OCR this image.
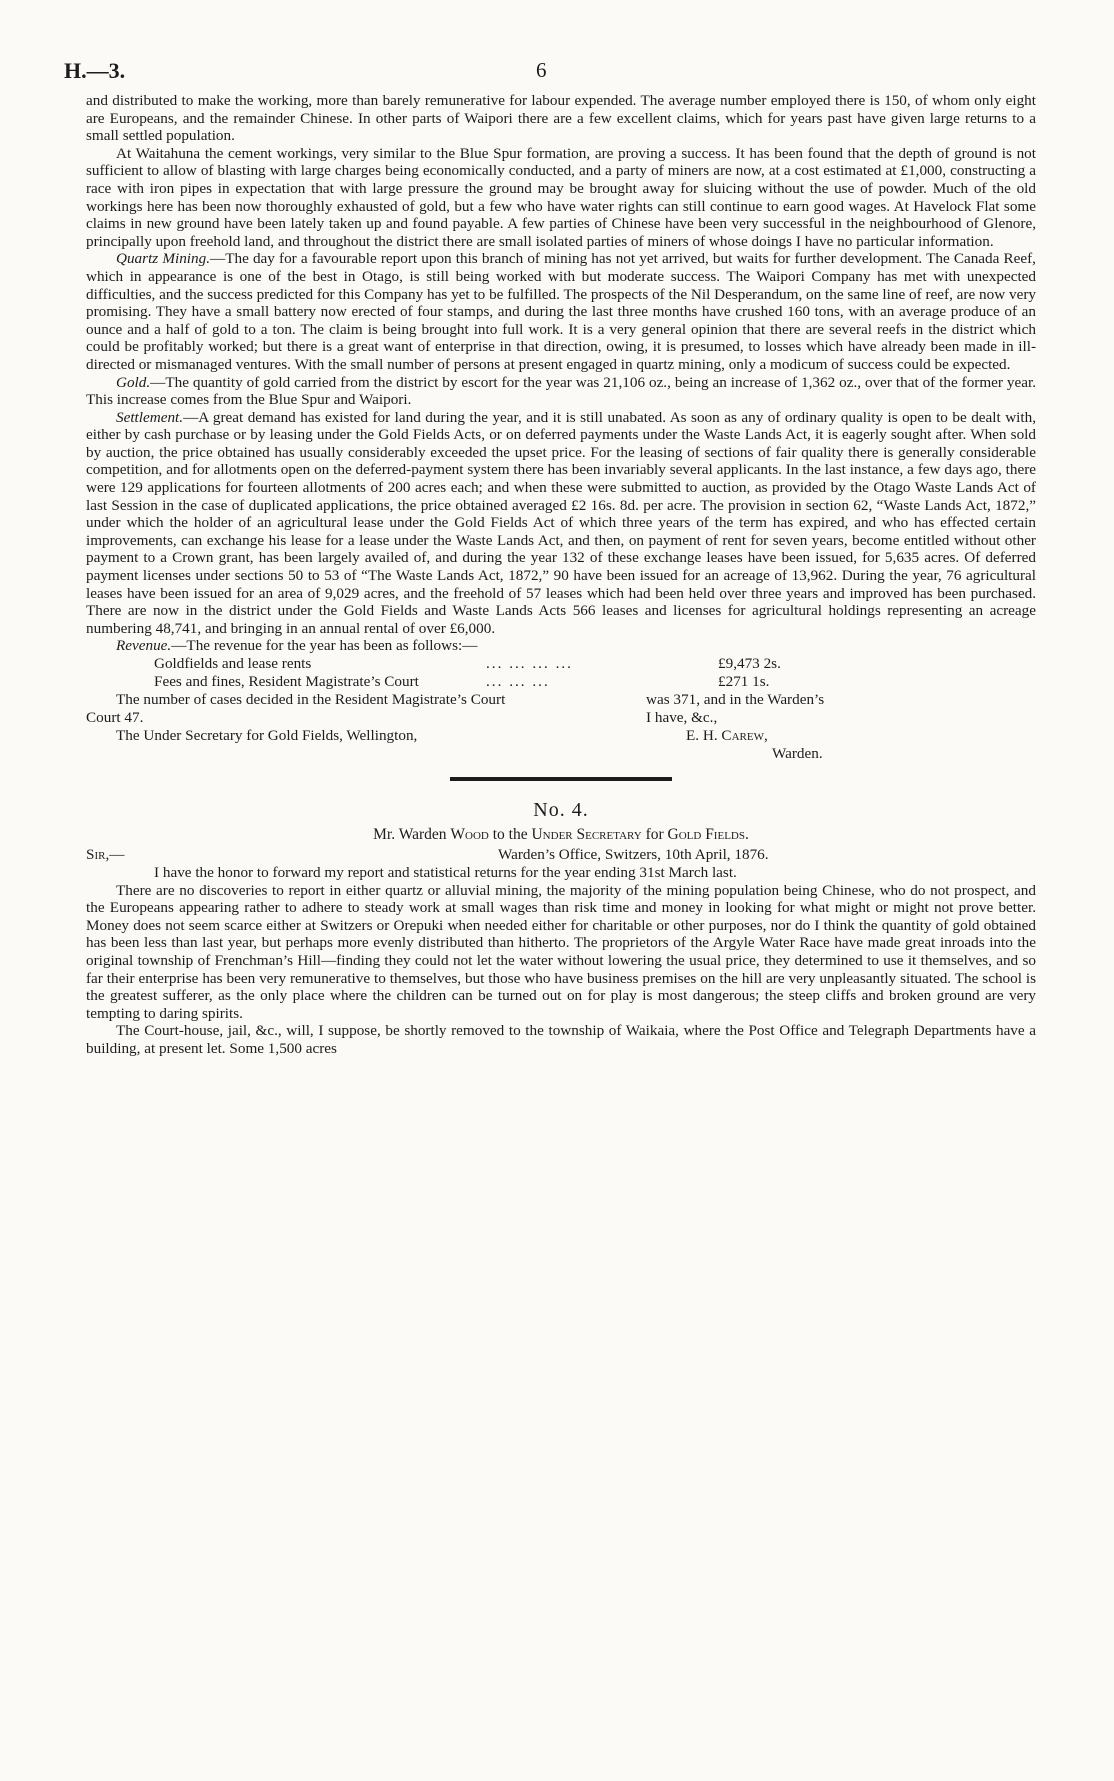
H.—3.	6

and distributed to make the working, more than barely remunerative for labour expended. The average number employed there is 150, of whom only eight are Europeans, and the remainder Chinese. In other parts of Waipori there are a few excellent claims, which for years past have given large returns to a small settled population.

At Waitahuna the cement workings, very similar to the Blue Spur formation, are proving a success. It has been found that the depth of ground is not sufficient to allow of blasting with large charges being economically conducted, and a party of miners are now, at a cost estimated at £1,000, constructing a race with iron pipes in expectation that with large pressure the ground may be brought away for sluicing without the use of powder. Much of the old workings here has been now thoroughly exhausted of gold, but a few who have water rights can still continue to earn good wages. At Havelock Flat some claims in new ground have been lately taken up and found payable. A few parties of Chinese have been very successful in the neighbourhood of Glenore, principally upon freehold land, and throughout the district there are small isolated parties of miners of whose doings I have no particular information.

Quartz Mining.—The day for a favourable report upon this branch of mining has not yet arrived, but waits for further development. The Canada Reef, which in appearance is one of the best in Otago, is still being worked with but moderate success. The Waipori Company has met with unexpected difficulties, and the success predicted for this Company has yet to be fulfilled. The prospects of the Nil Desperandum, on the same line of reef, are now very promising. They have a small battery now erected of four stamps, and during the last three months have crushed 160 tons, with an average produce of an ounce and a half of gold to a ton. The claim is being brought into full work. It is a very general opinion that there are several reefs in the district which could be profitably worked; but there is a great want of enterprise in that direction, owing, it is presumed, to losses which have already been made in ill-directed or mismanaged ventures. With the small number of persons at present engaged in quartz mining, only a modicum of success could be expected.

Gold.—The quantity of gold carried from the district by escort for the year was 21,106 oz., being an increase of 1,362 oz., over that of the former year. This increase comes from the Blue Spur and Waipori.

Settlement.—A great demand has existed for land during the year, and it is still unabated. As soon as any of ordinary quality is open to be dealt with, either by cash purchase or by leasing under the Gold Fields Acts, or on deferred payments under the Waste Lands Act, it is eagerly sought after. When sold by auction, the price obtained has usually considerably exceeded the upset price. For the leasing of sections of fair quality there is generally considerable competition, and for allotments open on the deferred-payment system there has been invariably several applicants. In the last instance, a few days ago, there were 129 applications for fourteen allotments of 200 acres each; and when these were submitted to auction, as provided by the Otago Waste Lands Act of last Session in the case of duplicated applications, the price obtained averaged £2 16s. 8d. per acre. The provision in section 62, “Waste Lands Act, 1872,” under which the holder of an agricultural lease under the Gold Fields Act of which three years of the term has expired, and who has effected certain improvements, can exchange his lease for a lease under the Waste Lands Act, and then, on payment of rent for seven years, become entitled without other payment to a Crown grant, has been largely availed of, and during the year 132 of these exchange leases have been issued, for 5,635 acres. Of deferred payment licenses under sections 50 to 53 of “The Waste Lands Act, 1872,” 90 have been issued for an acreage of 13,962. During the year, 76 agricultural leases have been issued for an area of 9,029 acres, and the freehold of 57 leases which had been held over three years and improved has been purchased. There are now in the district under the Gold Fields and Waste Lands Acts 566 leases and licenses for agricultural holdings representing an acreage numbering 48,741, and bringing in an annual rental of over £6,000.

Revenue.—The revenue for the year has been as follows:—

Goldfields and lease rents	... ... ... ...	£9,473 2s.
Fees and fines, Resident Magistrate’s Court	... ... ...	£271 1s.
The number of cases decided in the Resident Magistrate’s Court	was 371, and in the Warden’s
Court 47.	I have, &c.,
The Under Secretary for Gold Fields, Wellington,	E. H. Carew,
Warden.
No. 4.
Mr. Warden Wood to the Under Secretary for Gold Fields.
Sir,—	Warden’s Office, Switzers, 10th April, 1876.

I have the honor to forward my report and statistical returns for the year ending 31st March last.

There are no discoveries to report in either quartz or alluvial mining, the majority of the mining population being Chinese, who do not prospect, and the Europeans appearing rather to adhere to steady work at small wages than risk time and money in looking for what might or might not prove better. Money does not seem scarce either at Switzers or Orepuki when needed either for charitable or other purposes, nor do I think the quantity of gold obtained has been less than last year, but perhaps more evenly distributed than hitherto. The proprietors of the Argyle Water Race have made great inroads into the original township of Frenchman’s Hill—finding they could not let the water without lowering the usual price, they determined to use it themselves, and so far their enterprise has been very remunerative to themselves, but those who have business premises on the hill are very unpleasantly situated. The school is the greatest sufferer, as the only place where the children can be turned out on for play is most dangerous; the steep cliffs and broken ground are very tempting to daring spirits.

The Court-house, jail, &c., will, I suppose, be shortly removed to the township of Waikaia, where the Post Office and Telegraph Departments have a building, at present let. Some 1,500 acres
